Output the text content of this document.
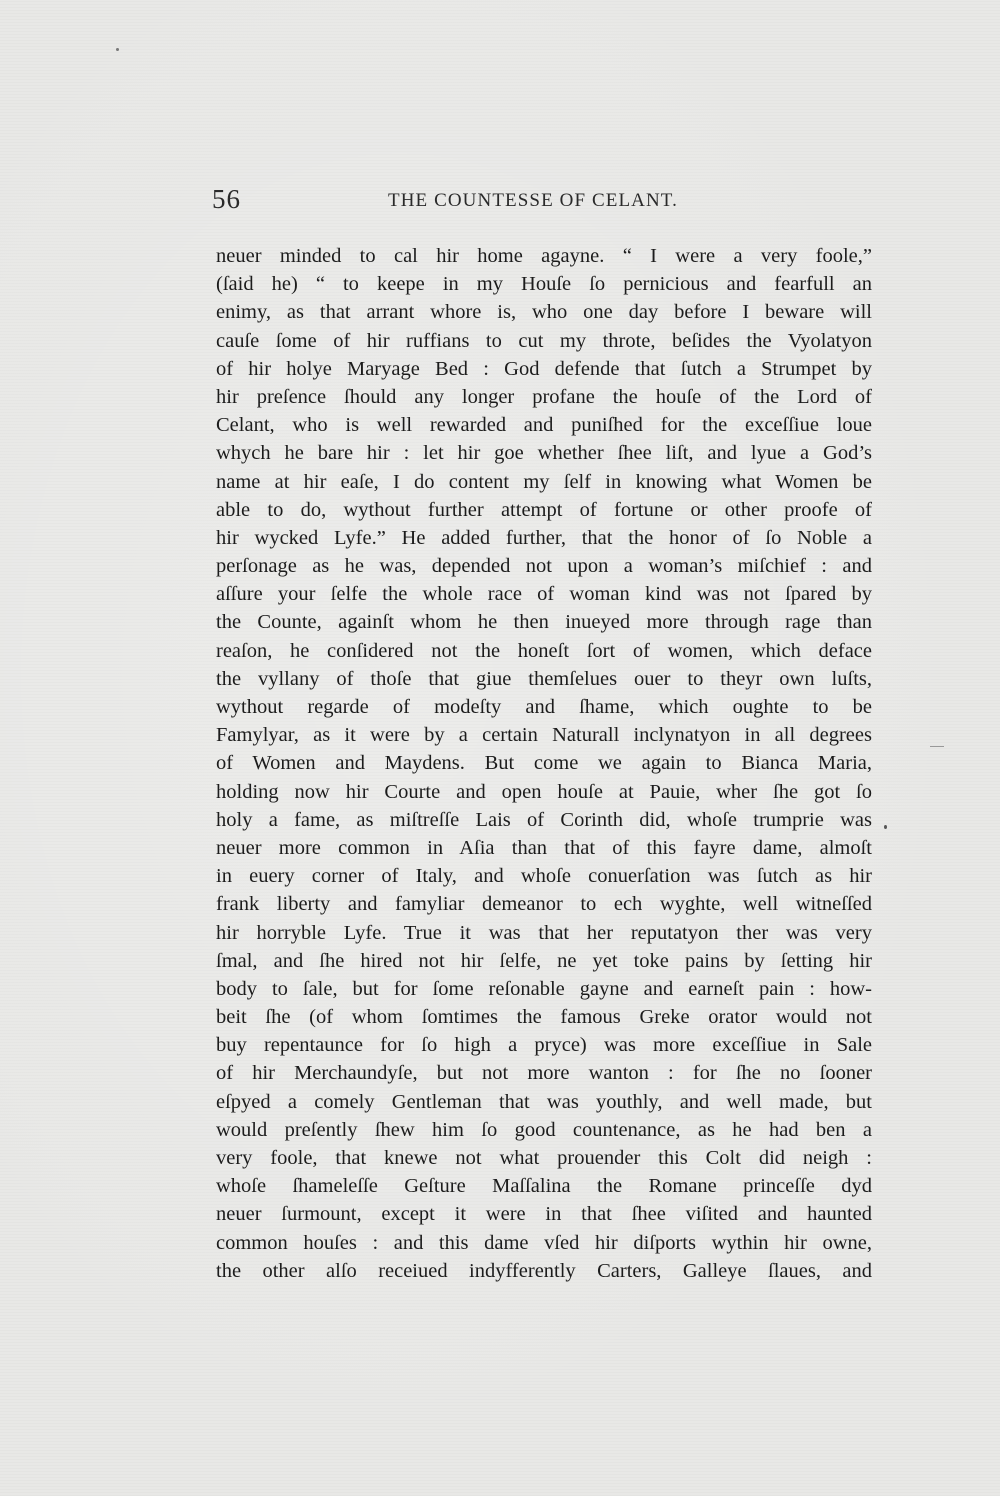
56	THE COUNTESSE OF CELANT.
neuer minded to cal hir home agayne. “ I were a very foole,”
(ſaid he) “ to keepe in my Houſe ſo pernicious and fearfull an
enimy, as that arrant whore is, who one day before I beware will
cauſe ſome of hir ruffians to cut my throte, beſides the Vyolatyon
of hir holye Maryage Bed : God defende that ſutch a Strumpet by
hir preſence ſhould any longer profane the houſe of the Lord of
Celant, who is well rewarded and puniſhed for the exceſſiue loue
whych he bare hir : let hir goe whether ſhee liſt, and lyue a God’s
name at hir eaſe, I do content my ſelf in knowing what Women be
able to do, wythout further attempt of fortune or other proofe of
hir wycked Lyfe.” He added further, that the honor of ſo Noble a
perſonage as he was, depended not upon a woman’s miſchief : and
aſſure your ſelfe the whole race of woman kind was not ſpared by
the Counte, againſt whom he then inueyed more through rage than
reaſon, he conſidered not the honeſt ſort of women, which deface
the vyllany of thoſe that giue themſelues ouer to theyr own luſts,
wythout regarde of modeſty and ſhame, which oughte to be
Famylyar, as it were by a certain Naturall inclynatyon in all degrees
of Women and Maydens. But come we again to Bianca Maria,
holding now hir Courte and open houſe at Pauie, wher ſhe got ſo
holy a fame, as miſtreſſe Lais of Corinth did, whoſe trumprie was
neuer more common in Aſia than that of this fayre dame, almoſt
in euery corner of Italy, and whoſe conuerſation was ſutch as hir
frank liberty and famyliar demeanor to ech wyghte, well witneſſed
hir horryble Lyfe. True it was that her reputatyon ther was very
ſmal, and ſhe hired not hir ſelfe, ne yet toke pains by ſetting hir
body to ſale, but for ſome reſonable gayne and earneſt pain : how-
beit ſhe (of whom ſomtimes the famous Greke orator would not
buy repentaunce for ſo high a pryce) was more exceſſiue in Sale
of hir Merchaundyſe, but not more wanton : for ſhe no ſooner
eſpyed a comely Gentleman that was youthly, and well made, but
would preſently ſhew him ſo good countenance, as he had ben a
very foole, that knewe not what prouender this Colt did neigh :
whoſe ſhameleſſe Geſture Maſſalina the Romane princeſſe dyd
neuer ſurmount, except it were in that ſhee viſited and haunted
common houſes : and this dame vſed hir diſports wythin hir owne,
the other alſo receiued indyfferently Carters, Galleye ſlaues, and
